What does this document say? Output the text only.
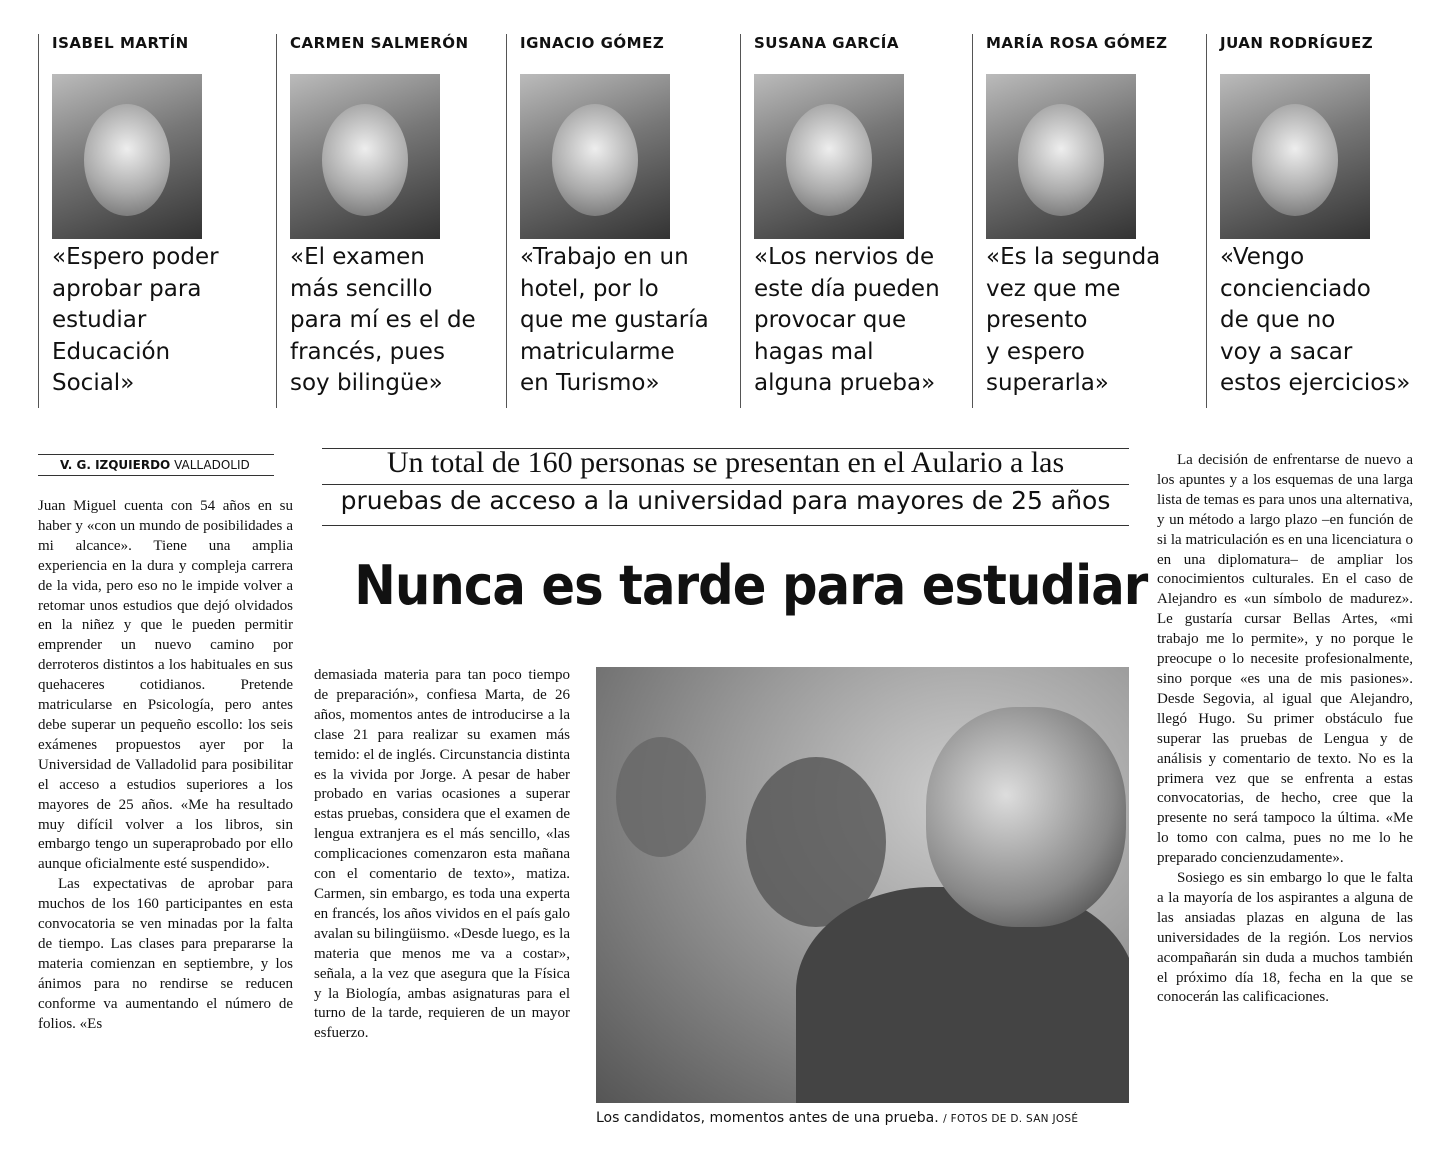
ISABEL MARTÍN
«Espero poder
aprobar para
estudiar
Educación
Social»
CARMEN SALMERÓN
«El examen
más sencillo
para mí es el de
francés, pues
soy bilingüe»
IGNACIO GÓMEZ
«Trabajo en un
hotel, por lo
que me gustaría
matricularme
en Turismo»
SUSANA GARCÍA
«Los nervios de
este día pueden
provocar que
hagas mal
alguna prueba»
MARÍA ROSA GÓMEZ
«Es la segunda
vez que me
presento
y espero
superarla»
JUAN RODRÍGUEZ
«Vengo
concienciado
de que no
voy a sacar
estos ejercicios»
V. G. IZQUIERDO VALLADOLID	Un total de 160 personas se presentan en el Aulario a las
pruebas de acceso a la universidad para mayores de 25 años
Nunca es tarde para estudiar

Juan Miguel cuenta con 54 años en su haber y «con un mundo de posibilidades a mi alcance». Tiene una amplia experiencia en la dura y compleja carrera de la vida, pero eso no le impide volver a retomar unos estudios que dejó olvidados en la niñez y que le pueden permitir emprender un nuevo camino por derroteros distintos a los habituales en sus quehaceres cotidianos. Pretende matricularse en Psicología, pero antes debe superar un pequeño escollo: los seis exámenes propuestos ayer por la Universidad de Valladolid para posibilitar el acceso a estudios superiores a los mayores de 25 años. «Me ha resultado muy difícil volver a los libros, sin embargo tengo un superaprobado por ello aunque oficialmente esté suspendido».

Las expectativas de aprobar para muchos de los 160 participantes en esta convocatoria se ven minadas por la falta de tiempo. Las clases para prepararse la materia comienzan en septiembre, y los ánimos para no rendirse se reducen conforme va aumentando el número de folios. «Es

demasiada materia para tan poco tiempo de preparación», confiesa Marta, de 26 años, momentos antes de introducirse a la clase 21 para realizar su examen más temido: el de inglés. Circunstancia distinta es la vivida por Jorge. A pesar de haber probado en varias ocasiones a superar estas pruebas, considera que el examen de lengua extranjera es el más sencillo, «las complicaciones comenzaron esta mañana con el comentario de texto», matiza. Carmen, sin embargo, es toda una experta en francés, los años vividos en el país galo avalan su bilingüismo. «Desde luego, es la materia que menos me va a costar», señala, a la vez que asegura que la Física y la Biología, ambas asignaturas para el turno de la tarde, requieren de un mayor esfuerzo.

La decisión de enfrentarse de nuevo a los apuntes y a los esquemas de una larga lista de temas es para unos una alternativa, y un método a largo plazo –en función de si la matriculación es en una licenciatura o en una diplomatura– de ampliar los conocimientos culturales. En el caso de Alejandro es «un símbolo de madurez». Le gustaría cursar Bellas Artes, «mi trabajo me lo permite», y no porque le preocupe o lo necesite profesionalmente, sino porque «es una de mis pasiones». Desde Segovia, al igual que Alejandro, llegó Hugo. Su primer obstáculo fue superar las pruebas de Lengua y de análisis y comentario de texto. No es la primera vez que se enfrenta a estas convocatorias, de hecho, cree que la presente no será tampoco la última. «Me lo tomo con calma, pues no me lo he preparado concienzudamente».

Sosiego es sin embargo lo que le falta a la mayoría de los aspirantes a alguna de las ansiadas plazas en alguna de las universidades de la región. Los nervios acompañarán sin duda a muchos también el próximo día 18, fecha en la que se conocerán las calificaciones.

Los candidatos, momentos antes de una prueba. / FOTOS DE D. SAN JOSÉ
